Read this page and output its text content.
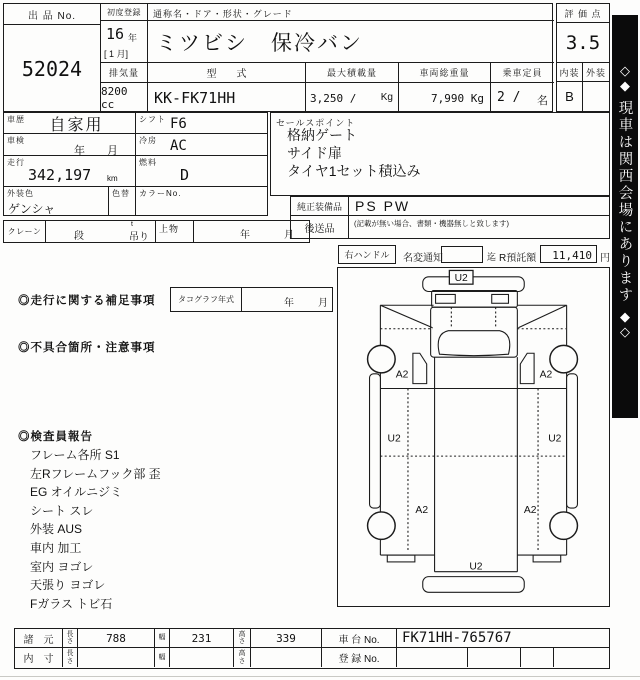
出 品 No.
52024
初度登録
16 年
[ 1 月]
通称名・ドア・形状・グレード
ミツビシ　保冷バン
排気量
8200 cc
型　　式
KK-FK71HH
最大積載量
3,250 / Kg
車両総重量
7,990 Kg
乗車定員
2 / 名
評 価 点
3.5
内装 外装
B
車歴	自家用	シフト F6
車検
年 月
冷房 AC
走行
342,197 km
燃料
D
外装色
ゲンシャ
色替 カラーNo.
セールスポイント
格納ゲート
サイド扉
タイヤ1セット積込み
純正装備品 PS PW
後送品	(記載が無い場合、書類・機器無しと致します)
クレーン	段
t
吊り
上物
年	月
右ハンドル	名変通知	迄 R預託額	11,410 円
◎走行に関する補足事項	タコグラフ年式	年 月
◎不具合箇所・注意事項
◎検査員報告
フレーム各所 S1
左Rフレームフック部 歪
EG オイルニジミ
シート スレ
外装 AUS
車内 加工
室内 ヨゴレ
天張り ヨゴレ
Fガラス トビ石
U2
A2	A2
U2	U2
A2	A2
U2
諸　元
長さ	788	幅	231	高さ	339	車 台 No.	FK71HH-765767
内　寸
長さ
幅
高さ	登 録 No.
◇
◆
現車は関西会場にあります
◆
◇
